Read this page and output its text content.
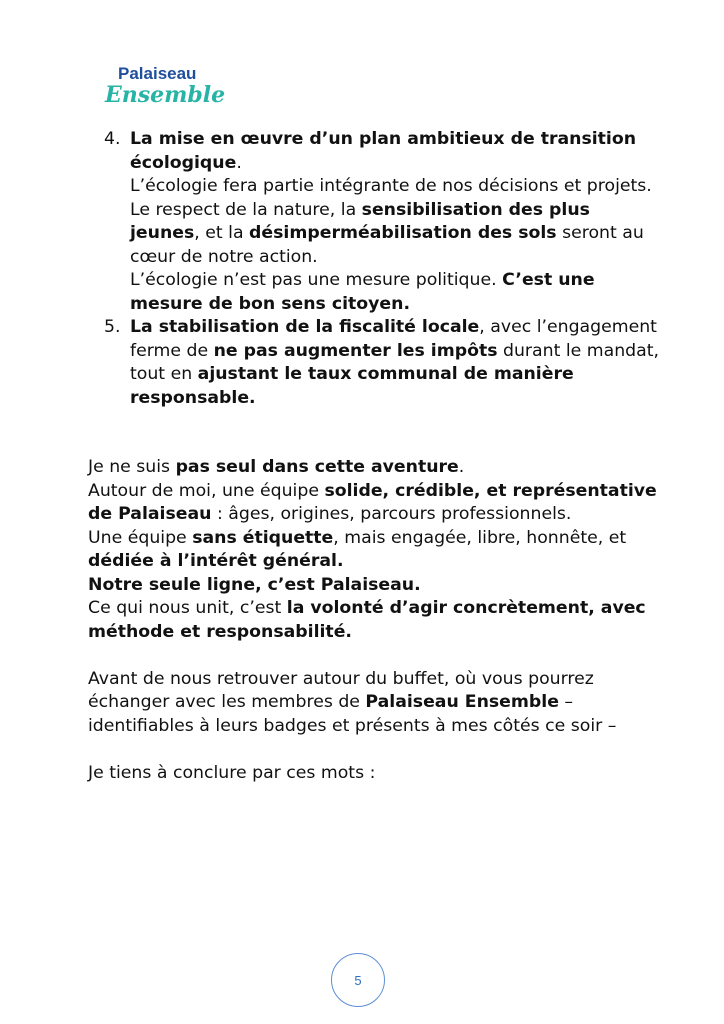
Palaiseau
Ensemble
4. La mise en œuvre d’un plan ambitieux de transition écologique.
L’écologie fera partie intégrante de nos décisions et projets.
Le respect de la nature, la sensibilisation des plus jeunes, et la désimperméabilisation des sols seront au cœur de notre action.
L’écologie n’est pas une mesure politique. C’est une mesure de bon sens citoyen.
5. La stabilisation de la fiscalité locale, avec l’engagement ferme de ne pas augmenter les impôts durant le mandat, tout en ajustant le taux communal de manière responsable.

Je ne suis pas seul dans cette aventure.

Autour de moi, une équipe solide, crédible, et représentative de Palaiseau : âges, origines, parcours professionnels.

Une équipe sans étiquette, mais engagée, libre, honnête, et dédiée à l’intérêt général.

Notre seule ligne, c’est Palaiseau.

Ce qui nous unit, c’est la volonté d’agir concrètement, avec méthode et responsabilité.

Avant de nous retrouver autour du buffet, où vous pourrez échanger avec les membres de Palaiseau Ensemble – identifiables à leurs badges et présents à mes côtés ce soir –

Je tiens à conclure par ces mots :

5
